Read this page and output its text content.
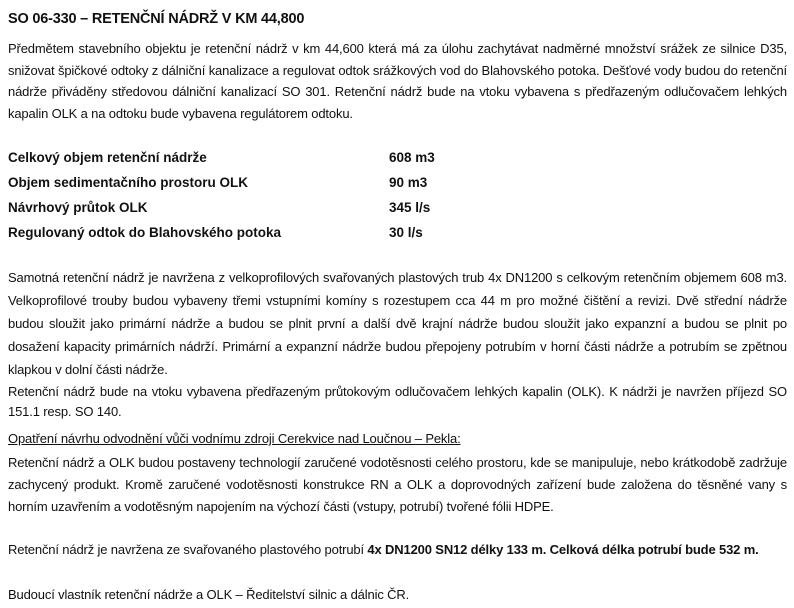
SO 06-330 – RETENČNÍ NÁDRŽ V KM 44,800
Předmětem stavebního objektu je retenční nádrž v km 44,600 která má za úlohu zachytávat nadměrné množství srážek ze silnice D35, snižovat špičkové odtoky z dálniční kanalizace a regulovat odtok srážkových vod do Blahovského potoka. Dešťové vody budou do retenční nádrže přiváděny středovou dálniční kanalizací SO 301. Retenční nádrž bude na vtoku vybavena s předřazeným odlučovačem lehkých kapalin OLK a na odtoku bude vybavena regulátorem odtoku.
Celkový objem retenční nádrže	608 m3
Objem sedimentačního prostoru OLK	90 m3
Návrhový průtok OLK	345 l/s
Regulovaný odtok do Blahovského potoka	30 l/s
Samotná retenční nádrž je navržena z velkoprofilových svařovaných plastových trub 4x DN1200 s celkovým retenčním objemem 608 m3. Velkoprofilové trouby budou vybaveny třemi vstupními komíny s rozestupem cca 44 m pro možné čištění a revizi. Dvě střední nádrže budou sloužit jako primární nádrže a budou se plnit první a další dvě krajní nádrže budou sloužit jako expanzní a budou se plnit po dosažení kapacity primárních nádrží. Primární a expanzní nádrže budou přepojeny potrubím v horní části nádrže a potrubím se zpětnou klapkou v dolní části nádrže.
Retenční nádrž bude na vtoku vybavena předřazeným průtokovým odlučovačem lehkých kapalin (OLK). K nádrži je navržen příjezd SO 151.1 resp. SO 140.
Opatření návrhu odvodnění vůči vodnímu zdroji Cerekvice nad Loučnou – Pekla:
Retenční nádrž a OLK budou postaveny technologií zaručené vodotěsnosti celého prostoru, kde se manipuluje, nebo krátkodobě zadržuje zachycený produkt. Kromě zaručené vodotěsnosti konstrukce RN a OLK a doprovodných zařízení bude založena do těsněné vany s horním uzavřením a vodotěsným napojením na výchozí části (vstupy, potrubí) tvořené fólii HDPE.
Retenční nádrž je navržena ze svařovaného plastového potrubí 4x DN1200 SN12 délky 133 m. Celková délka potrubí bude 532 m.
Budoucí vlastník retenční nádrže a OLK – Ředitelství silnic a dálnic ČR.
